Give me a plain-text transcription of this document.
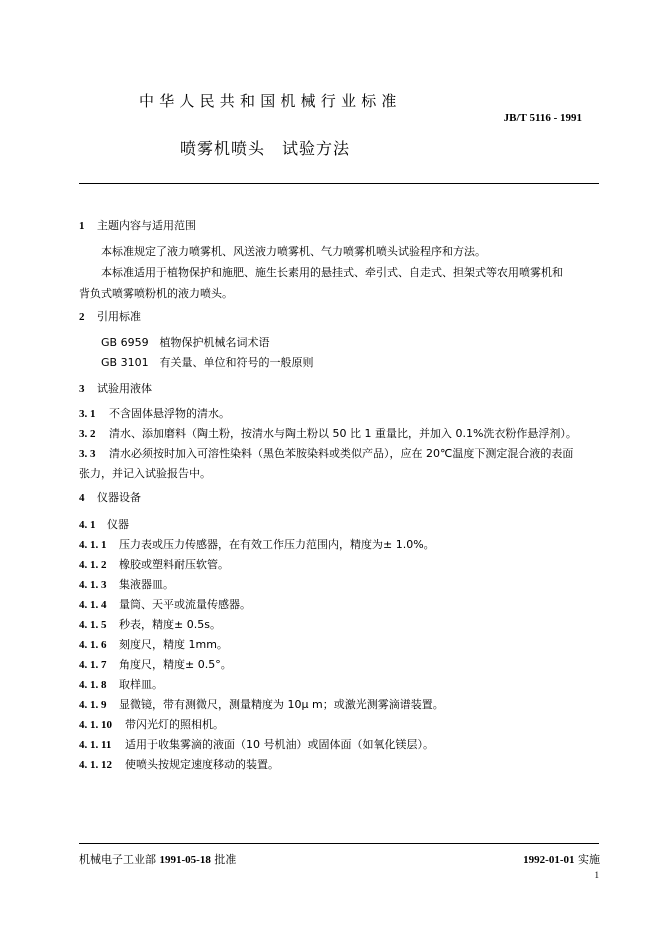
中华人民共和国机械行业标准
JB/T 5116 - 1991
喷雾机喷头　试验方法
1 主题内容与适用范围
本标准规定了液力喷雾机、风送液力喷雾机、气力喷雾机喷头试验程序和方法。
本标准适用于植物保护和施肥、施生长素用的悬挂式、牵引式、自走式、担架式等农用喷雾机和
背负式喷雾喷粉机的液力喷头。
2 引用标准
GB 6959　植物保护机械名词术语
GB 3101　有关量、单位和符号的一般原则
3 试验用液体
3. 1 不含固体悬浮物的清水。
3. 2 清水、添加磨料（陶土粉，按清水与陶土粉以 50 比 1 重量比，并加入 0.1%洗衣粉作悬浮剂）。
3. 3 清水必须按时加入可溶性染料（黑色苯胺染料或类似产品），应在 20℃温度下测定混合液的表面
张力，并记入试验报告中。
4 仪器设备
4. 1 仪器
4. 1. 1 压力表或压力传感器，在有效工作压力范围内，精度为± 1.0%。
4. 1. 2 橡胶或塑料耐压软管。
4. 1. 3 集液器皿。
4. 1. 4 量筒、天平或流量传感器。
4. 1. 5 秒表，精度± 0.5s。
4. 1. 6 刻度尺，精度 1mm。
4. 1. 7 角度尺，精度± 0.5°。
4. 1. 8 取样皿。
4. 1. 9 显微镜，带有测微尺，测量精度为 10μ m；或激光测雾滴谱装置。
4. 1. 10 带闪光灯的照相机。
4. 1. 11 适用于收集雾滴的液面（10 号机油）或固体面（如氧化镁层）。
4. 1. 12 使喷头按规定速度移动的装置。
机械电子工业部 1991-05-18 批准	1992-01-01 实施
1
